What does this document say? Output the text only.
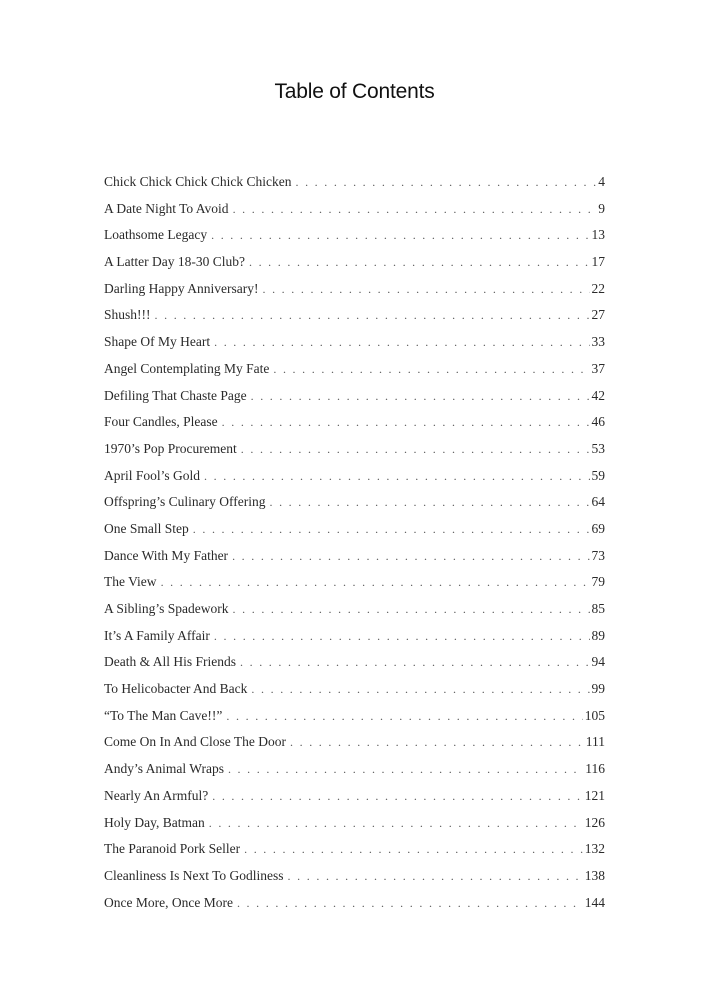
Table of Contents
Chick Chick Chick Chick Chicken . . .	4
A Date Night To Avoid . . .	9
Loathsome Legacy . . .	13
A Latter Day 18-30 Club? . . .	17
Darling Happy Anniversary! . . .	22
Shush!!! . . .	27
Shape Of My Heart . . .	33
Angel Contemplating My Fate . . .	37
Defiling That Chaste Page . . .	42
Four Candles, Please . . .	46
1970’s Pop Procurement . . .	53
April Fool’s Gold . . .	59
Offspring’s Culinary Offering . . .	64
One Small Step . . .	69
Dance With My Father . . .	73
The View . . .	79
A Sibling’s Spadework . . .	85
It’s A Family Affair . . .	89
Death & All His Friends . . .	94
To Helicobacter And Back . . .	99
“To The Man Cave!!” . . .	105
Come On In And Close The Door . . .	111
Andy’s Animal Wraps . . .	116
Nearly An Armful? . . .	121
Holy Day, Batman . . .	126
The Paranoid Pork Seller . . .	132
Cleanliness Is Next To Godliness . . .	138
Once More, Once More . . .	144
